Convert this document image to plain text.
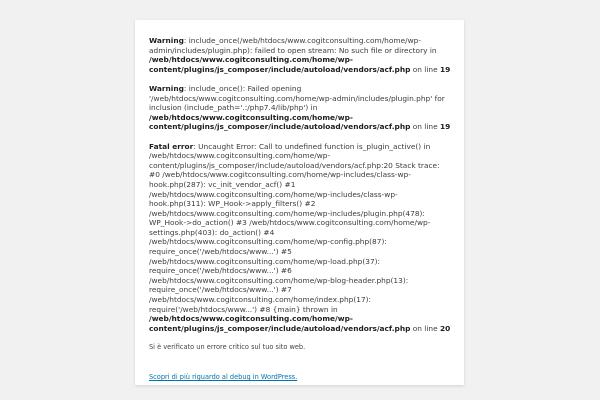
Warning: include_once(/web/htdocs/www.cogitconsulting.com/home/wp-admin/includes/plugin.php): failed to open stream: No such file or directory in /web/htdocs/www.cogitconsulting.com/home/wp-content/plugins/js_composer/include/autoload/vendors/acf.php on line 19
Warning: include_once(): Failed opening '/web/htdocs/www.cogitconsulting.com/home/wp-admin/includes/plugin.php' for inclusion (include_path='.:/php7.4/lib/php') in /web/htdocs/www.cogitconsulting.com/home/wp-content/plugins/js_composer/include/autoload/vendors/acf.php on line 19
Fatal error: Uncaught Error: Call to undefined function is_plugin_active() in /web/htdocs/www.cogitconsulting.com/home/wp-content/plugins/js_composer/include/autoload/vendors/acf.php:20 Stack trace: #0 /web/htdocs/www.cogitconsulting.com/home/wp-includes/class-wp-hook.php(287): vc_init_vendor_acf() #1 /web/htdocs/www.cogitconsulting.com/home/wp-includes/class-wp-hook.php(311): WP_Hook->apply_filters() #2 /web/htdocs/www.cogitconsulting.com/home/wp-includes/plugin.php(478): WP_Hook->do_action() #3 /web/htdocs/www.cogitconsulting.com/home/wp-settings.php(403): do_action() #4 /web/htdocs/www.cogitconsulting.com/home/wp-config.php(87): require_once('/web/htdocs/www...') #5 /web/htdocs/www.cogitconsulting.com/home/wp-load.php(37): require_once('/web/htdocs/www...') #6 /web/htdocs/www.cogitconsulting.com/home/wp-blog-header.php(13): require_once('/web/htdocs/www...') #7 /web/htdocs/www.cogitconsulting.com/home/index.php(17): require('/web/htdocs/www...') #8 {main} thrown in /web/htdocs/www.cogitconsulting.com/home/wp-content/plugins/js_composer/include/autoload/vendors/acf.php on line 20
Si è verificato un errore critico sul tuo sito web.
Scopri di più riguardo al debug in WordPress.
